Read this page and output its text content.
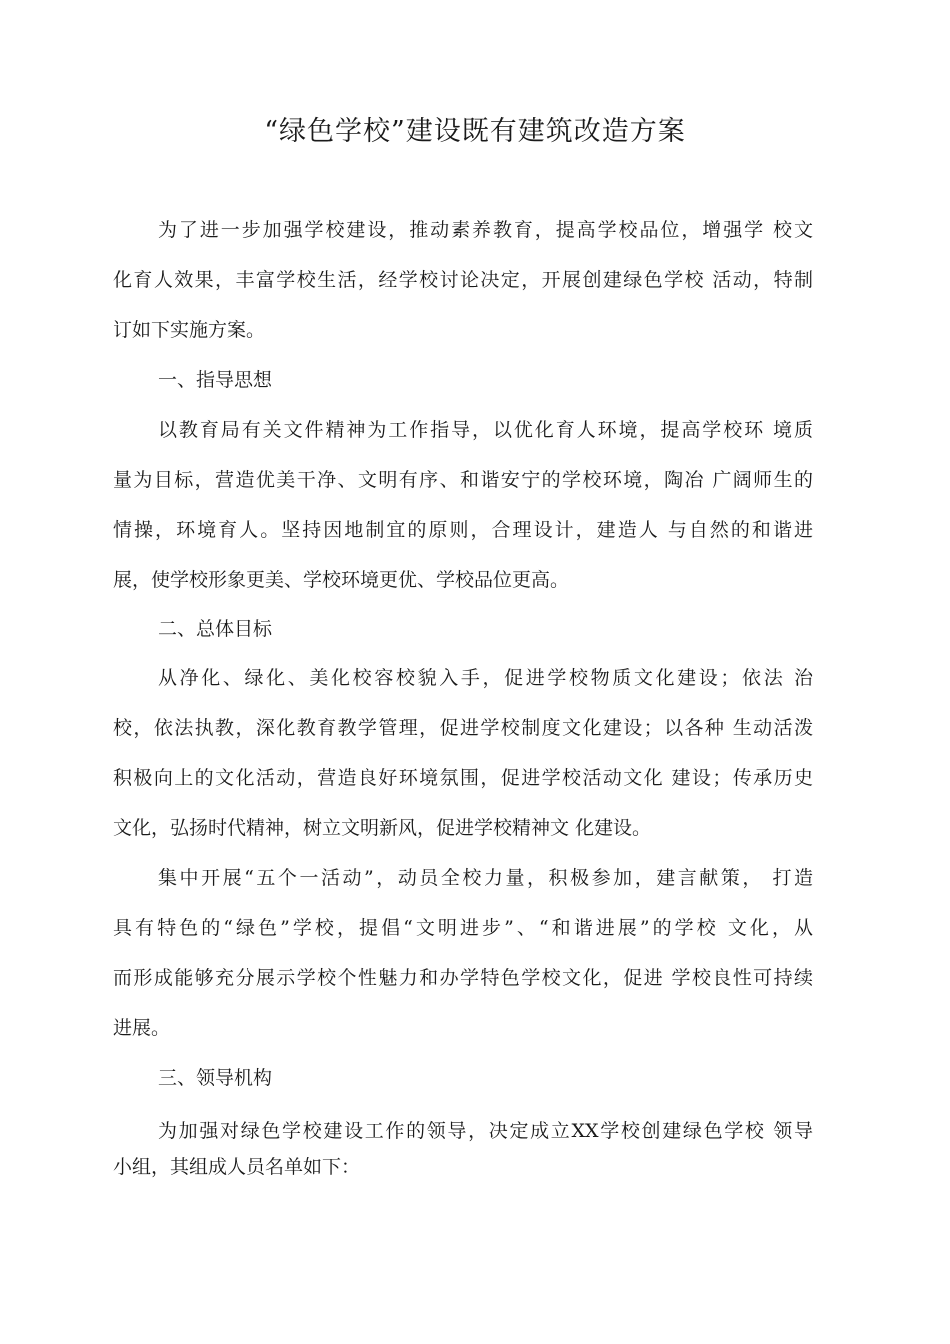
“绿色学校”建设既有建筑改造方案

为了进一步加强学校建设，推动素养教育，提高学校品位，增强学 校文
化育人效果，丰富学校生活，经学校讨论决定，开展创建绿色学校 活动，特制
订如下实施方案。

一、指导思想

以教育局有关文件精神为工作指导，以优化育人环境，提高学校环 境质
量为目标，营造优美干净、文明有序、和谐安宁的学校环境，陶冶 广阔师生的
情操，环境育人。坚持因地制宜的原则，合理设计，建造人 与自然的和谐进
展，使学校形象更美、学校环境更优、学校品位更高。

二、总体目标

从净化、绿化、美化校容校貌入手，促进学校物质文化建设；依法 治
校，依法执教，深化教育教学管理，促进学校制度文化建设；以各种 生动活泼
积极向上的文化活动，营造良好环境氛围，促进学校活动文化 建设；传承历史
文化，弘扬时代精神，树立文明新风，促进学校精神文 化建设。

集中开展“五个一活动”，动员全校力量，积极参加，建言献策， 打造
具有特色的“绿色”学校，提倡“文明进步”、“和谐进展”的学校 文化，从
而形成能够充分展示学校个性魅力和办学特色学校文化，促进 学校良性可持续
进展。

三、领导机构

为加强对绿色学校建设工作的领导，决定成立XX学校创建绿色学校 领导
小组，其组成人员名单如下：
